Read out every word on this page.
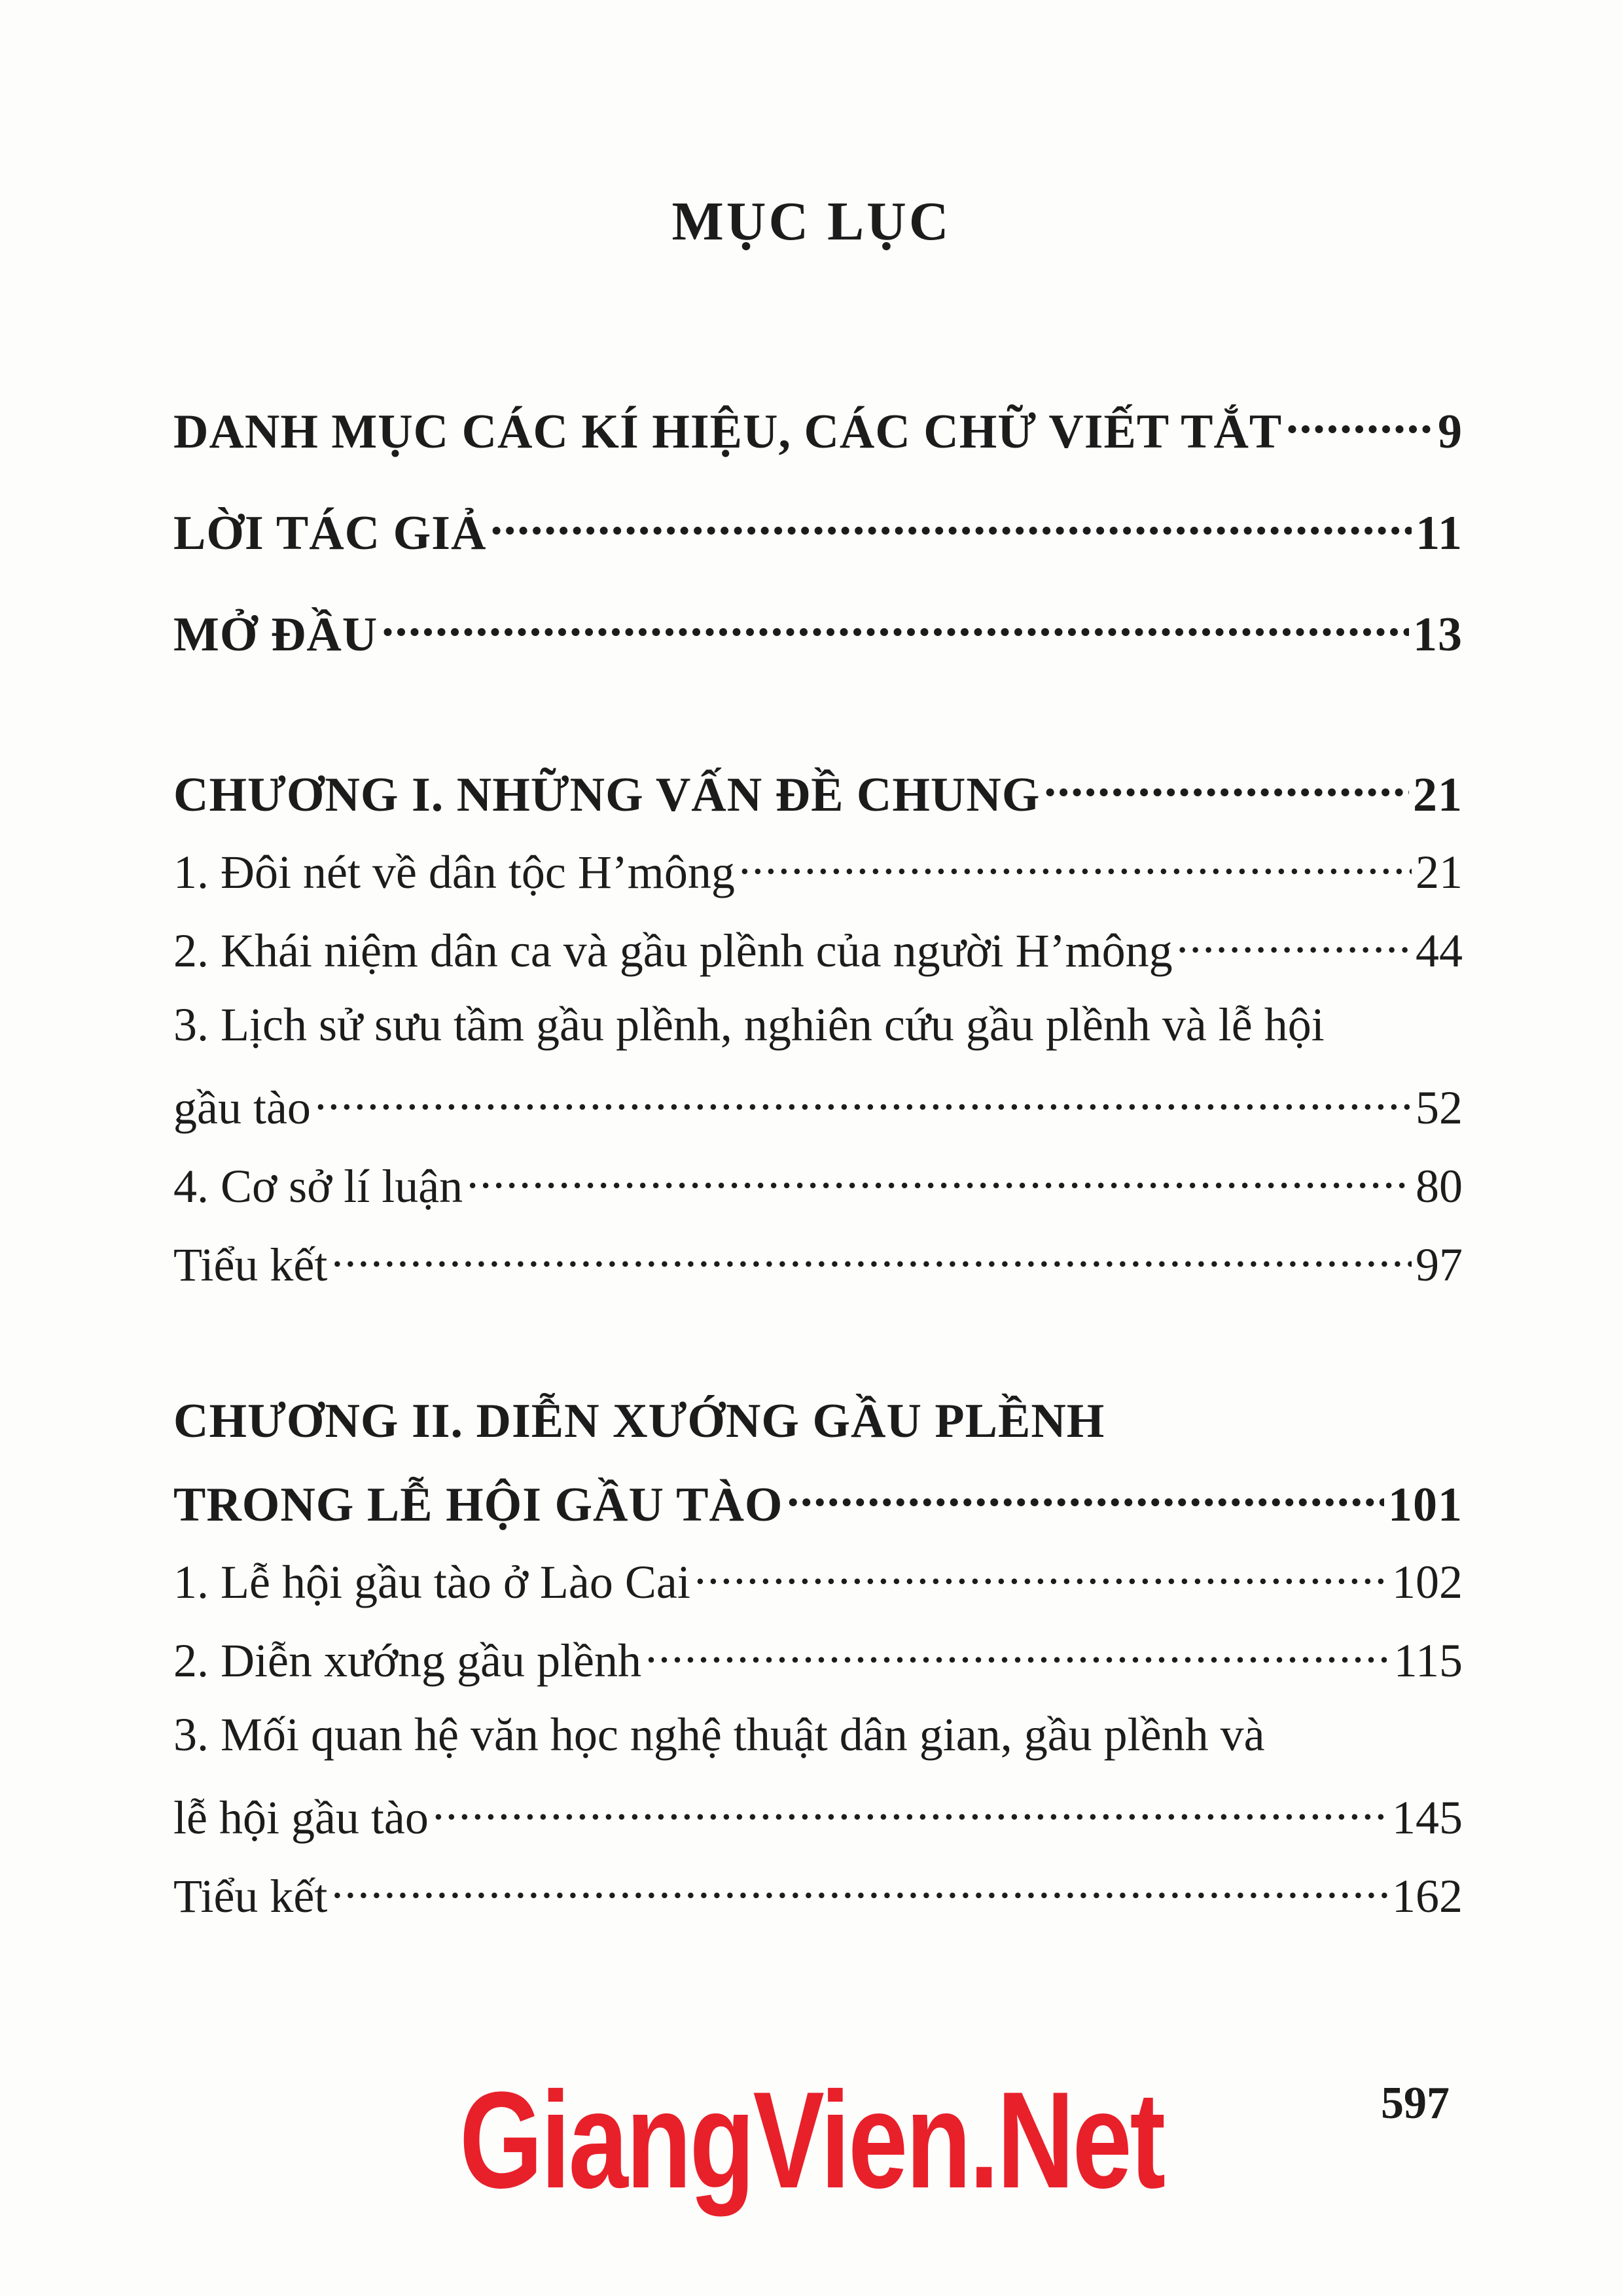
MỤC LỤC
DANH MỤC CÁC KÍ HIỆU, CÁC CHỮ VIẾT TẮT .....	9
LỜI TÁC GIẢ .....	11
MỞ ĐẦU .....	13
CHƯƠNG I. NHỮNG VẤN ĐỀ CHUNG .....	21
1. Đôi nét về dân tộc H’mông .....	21
2. Khái niệm dân ca và gầu plềnh của người H’mông .....	44
3. Lịch sử sưu tầm gầu plềnh, nghiên cứu gầu plềnh và lễ hội
gầu tào .....	52
4. Cơ sở lí luận .....	80
Tiểu kết .....	97
CHƯƠNG II. DIỄN XƯỚNG GẦU PLỀNH
TRONG LỄ HỘI GẦU TÀO .....	101
1. Lễ hội gầu tào ở Lào Cai .....	102
2. Diễn xướng gầu plềnh .....	115
3. Mối quan hệ văn học nghệ thuật dân gian, gầu plềnh và
lễ hội gầu tào .....	145
Tiểu kết .....	162
GiangVien.Net	597
